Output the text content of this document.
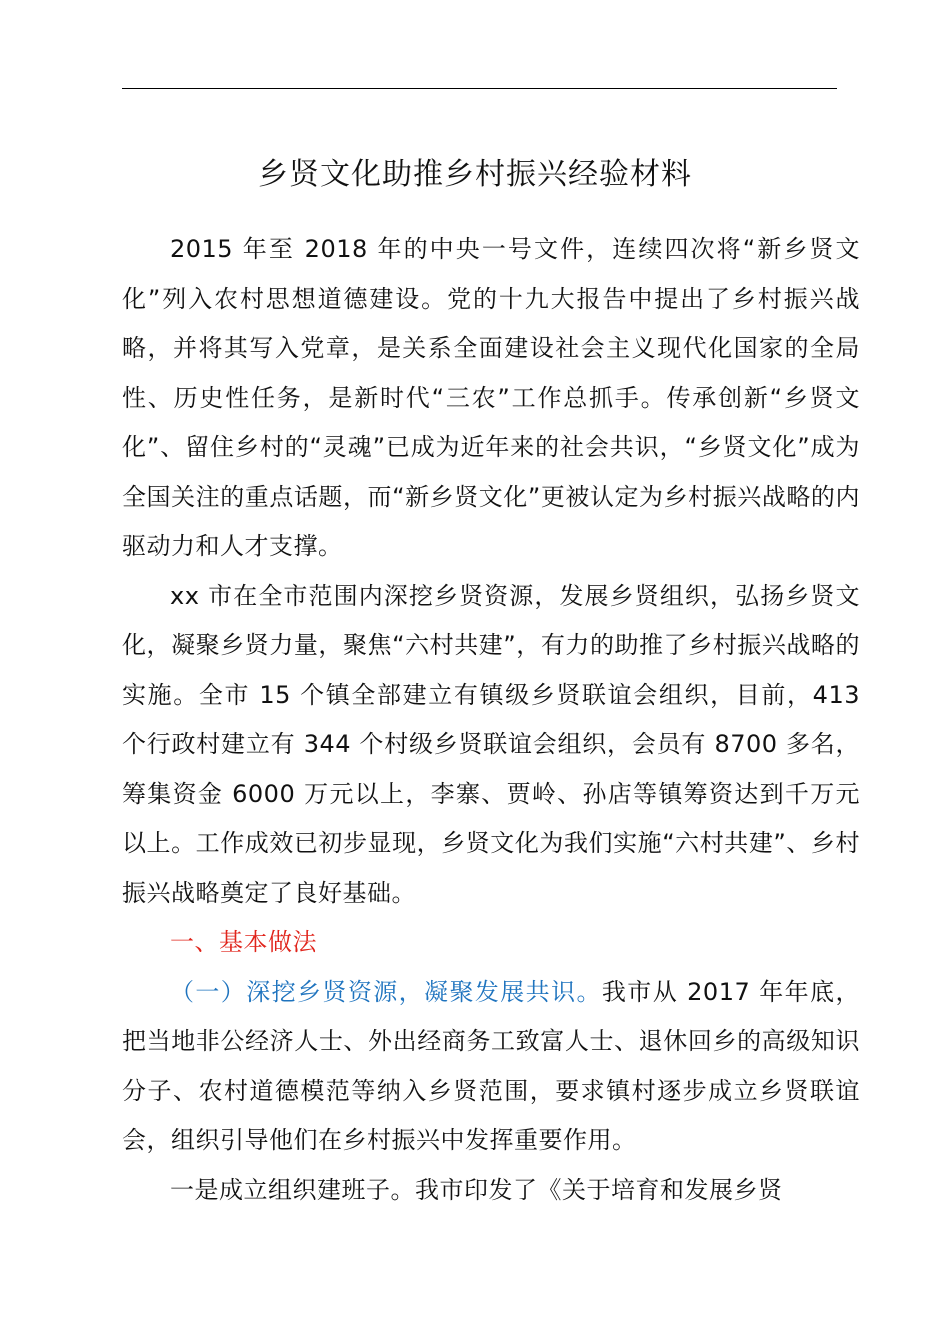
乡贤文化助推乡村振兴经验材料

2015 年至 2018 年的中央一号文件，连续四次将“新乡贤文化”列入农村思想道德建设。党的十九大报告中提出了乡村振兴战略，并将其写入党章，是关系全面建设社会主义现代化国家的全局性、历史性任务，是新时代“三农”工作总抓手。传承创新“乡贤文化”、留住乡村的“灵魂”已成为近年来的社会共识，“乡贤文化”成为全国关注的重点话题，而“新乡贤文化”更被认定为乡村振兴战略的内驱动力和人才支撑。

xx 市在全市范围内深挖乡贤资源，发展乡贤组织，弘扬乡贤文化，凝聚乡贤力量，聚焦“六村共建”，有力的助推了乡村振兴战略的实施。全市 15 个镇全部建立有镇级乡贤联谊会组织，目前，413 个行政村建立有 344 个村级乡贤联谊会组织，会员有 8700 多名，筹集资金 6000 万元以上，李寨、贾岭、孙店等镇筹资达到千万元以上。工作成效已初步显现，乡贤文化为我们实施“六村共建”、乡村振兴战略奠定了良好基础。

一、基本做法

（一）深挖乡贤资源，凝聚发展共识。我市从 2017 年年底，把当地非公经济人士、外出经商务工致富人士、退休回乡的高级知识分子、农村道德模范等纳入乡贤范围，要求镇村逐步成立乡贤联谊会，组织引导他们在乡村振兴中发挥重要作用。

一是成立组织建班子。我市印发了《关于培育和发展乡贤
